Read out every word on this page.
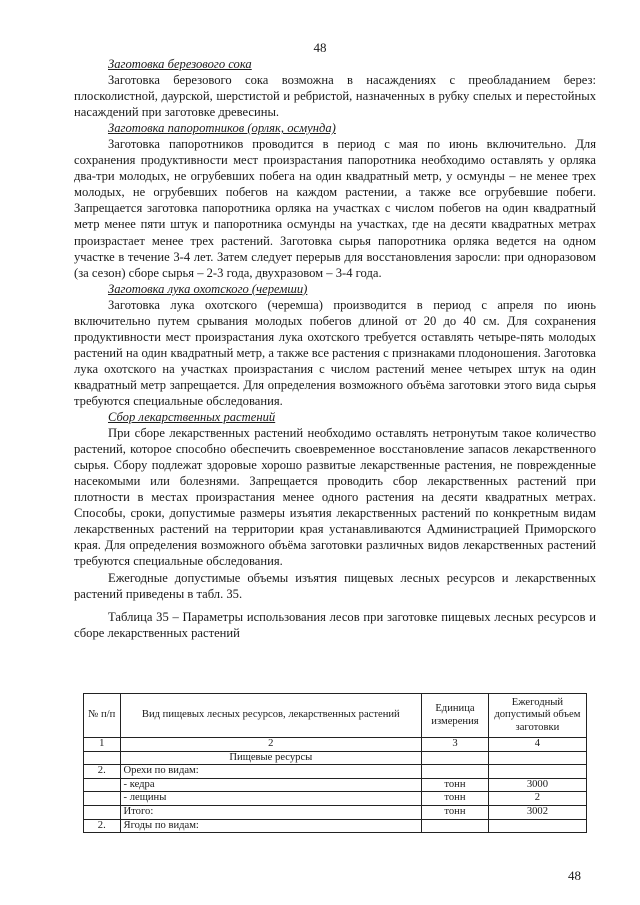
48
Заготовка березового сока

Заготовка березового сока возможна в насаждениях с преобладанием берез: плосколистной, даурской, шерстистой и ребристой, назначенных в рубку спелых и перестойных насаждений при заготовке древесины.

Заготовка папоротников (орляк, осмунда)

Заготовка папоротников проводится в период с мая по июнь включительно. Для сохранения продуктивности мест произрастания папоротника необходимо оставлять у орляка два-три молодых, не огрубевших побега на один квадратный метр, у осмунды – не менее трех молодых, не огрубевших побегов на каждом растении, а также все огрубевшие побеги. Запрещается заготовка папоротника орляка на участках с числом побегов на один квадратный метр менее пяти штук и папоротника осмунды на участках, где на десяти квадратных метрах произрастает менее трех растений. Заготовка сырья папоротника орляка ведется на одном участке в течение 3-4 лет. Затем следует перерыв для восстановления заросли: при одноразовом (за сезон) сборе сырья – 2-3 года, двухразовом – 3-4 года.

Заготовка лука охотского (черемши)

Заготовка лука охотского (черемша) производится в период с апреля по июнь включительно путем срывания молодых побегов длиной от 20 до 40 см. Для сохранения продуктивности мест произрастания лука охотского требуется оставлять четыре-пять молодых растений на один квадратный метр, а также все растения с признаками плодоношения. Заготовка лука охотского на участках произрастания с числом растений менее четырех штук на один квадратный метр запрещается. Для определения возможного объёма заготовки этого вида сырья требуются специальные обследования.

Сбор лекарственных растений

При сборе лекарственных растений необходимо оставлять нетронутым такое количество растений, которое способно обеспечить своевременное восстановление запасов лекарственного сырья. Сбору подлежат здоровые хорошо развитые лекарственные растения, не поврежденные насекомыми или болезнями. Запрещается проводить сбор лекарственных растений при плотности в местах произрастания менее одного растения на десяти квадратных метрах. Способы, сроки, допустимые размеры изъятия лекарственных растений по конкретным видам лекарственных растений на территории края устанавливаются Администрацией Приморского края. Для определения возможного объёма заготовки различных видов лекарственных растений требуются специальные обследования.

Ежегодные допустимые объемы изъятия пищевых лесных ресурсов и лекарственных растений приведены в табл. 35.

Таблица 35 – Параметры использования лесов при заготовке пищевых лесных ресурсов и сборе лекарственных растений

№ п/п	Вид пищевых лесных ресурсов, лекарственных растений	Единица измерения	Ежегодный допустимый объем заготовки
1	2	3	4
	Пищевые ресурсы		
2.	Орехи по видам:		
	- кедра	тонн	3000
	- лещины	тонн	2
	Итого:	тонн	3002
2.	Ягоды по видам:		
48
